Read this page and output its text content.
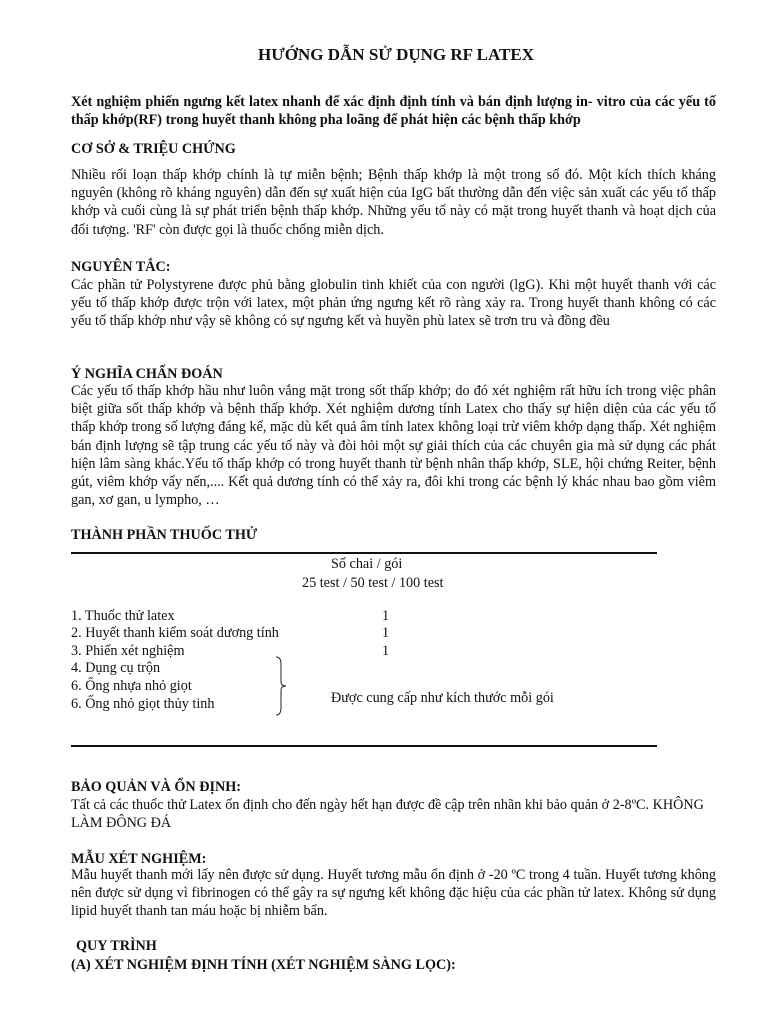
HƯỚNG DẪN SỬ DỤNG RF LATEX
Xét nghiệm phiến ngưng kết latex nhanh để xác định định tính và bán định lượng in- vitro của các yếu tố thấp khớp(RF) trong huyết thanh không pha loãng để phát hiện các bệnh thấp khớp
CƠ SỞ & TRIỆU CHỨNG
Nhiều rối loạn thấp khớp chính là tự miễn bệnh; Bệnh thấp khớp là một trong số đó. Một kích thích kháng nguyên (không rõ kháng nguyên) dẫn đến sự xuất hiện của IgG bất thường dẫn đến việc sản xuất các yếu tố thấp khớp và cuối cùng là sự phát triển bệnh thấp khớp. Những yếu tố này có mặt trong huyết thanh và hoạt dịch của đối tượng. 'RF' còn được gọi là thuốc chống miễn dịch.
NGUYÊN TẮC:
Các phần tử Polystyrene được phủ bằng globulin tinh khiết của con người (lgG). Khi một huyết thanh với các yếu tố thấp khớp được trộn với latex, một phản ứng ngưng kết rõ ràng xảy ra. Trong huyết thanh không có các yếu tố thấp khớp như vậy sẽ không có sự ngưng kết và huyền phù latex sẽ trơn tru và đồng đều
Ý NGHĨA CHẨN ĐOÁN
Các yếu tố thấp khớp hầu như luôn vắng mặt trong sốt thấp khớp; do đó xét nghiệm rất hữu ích trong việc phân biệt giữa sốt thấp khớp và bệnh thấp khớp. Xét nghiệm dương tính Latex cho thấy sự hiện diện của các yếu tố thấp khớp trong số lượng đáng kể, mặc dù kết quả âm tính latex không loại trừ viêm khớp dạng thấp. Xét nghiệm bán định lượng sẽ tập trung các yếu tố này và đòi hỏi một sự giải thích của các chuyên gia mà sử dụng các phát hiện lâm sàng khác.Yếu tố thấp khớp có trong huyết thanh từ bệnh nhân thấp khớp, SLE, hội chứng Reiter, bệnh gút, viêm khớp vẩy nến,.... Kết quả dương tính có thể xảy ra, đôi khi trong các bệnh lý khác nhau bao gồm viêm gan, xơ gan, u lympho, …
THÀNH PHẦN THUỐC THỬ
Số chai / gói
25 test / 50 test / 100 test
1. Thuốc thử latex	1
2. Huyết thanh kiểm soát dương tính	1
3. Phiến xét nghiệm	1
4. Dụng cụ trộn
6. Ống nhựa nhỏ giọt
6. Ống nhỏ giọt thủy tinh	Được cung cấp như kích thước mỗi gói
BẢO QUẢN VÀ ỔN ĐỊNH:
Tất cả các thuốc thử Latex ổn định cho đến ngày hết hạn được đề cập trên nhãn khi bảo quản ở 2-8ºC. KHÔNG LÀM ĐÔNG ĐÁ
MẪU XÉT NGHIỆM:
Mẫu huyết thanh mới lấy nên được sử dụng. Huyết tương mẫu ổn định ở -20 ºC trong 4 tuần. Huyết tương không nên được sử dụng vì fibrinogen có thể gây ra sự ngưng kết không đặc hiệu của các phần tử latex. Không sử dụng lipid huyết thanh tan máu hoặc bị nhiễm bẩn.
QUY TRÌNH
(A) XÉT NGHIỆM ĐỊNH TÍNH (XÉT NGHIỆM SÀNG LỌC):
